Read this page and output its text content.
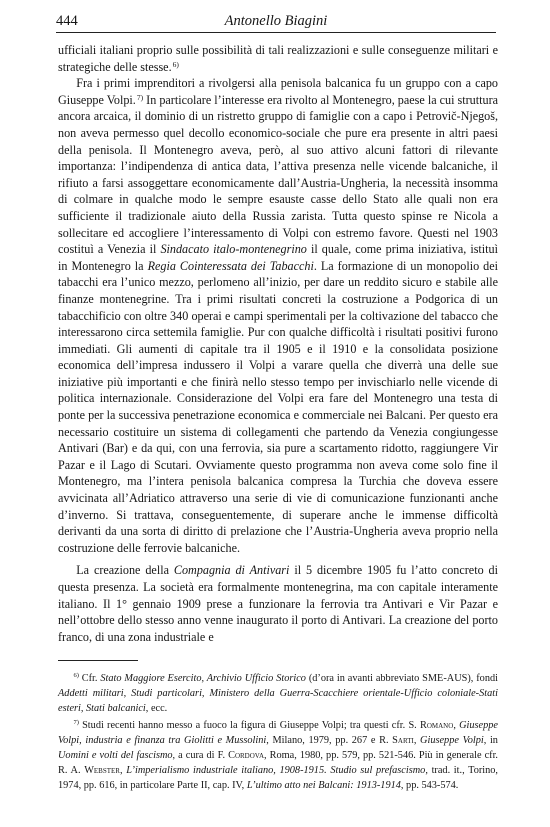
444	Antonello Biagini

ufficiali italiani proprio sulle possibilità di tali realizzazioni e sulle conseguenze militari e strategiche delle stesse. $^{6)}$

Fra i primi imprenditori a rivolgersi alla penisola balcanica fu un gruppo con a capo Giuseppe Volpi. $^{7)}$ In particolare l’interesse era rivolto al Montenegro, paese la cui struttura ancora arcaica, il dominio di un ristretto gruppo di famiglie con a capo i Petrovič-Njegoš, non aveva permesso quel decollo economico-sociale che pure era presente in altri paesi della penisola. Il Montenegro aveva, però, al suo attivo alcuni fattori di rilevante importanza: l’indipendenza di antica data, l’attiva presenza nelle vicende balcaniche, il rifiuto a farsi assoggettare economicamente dall’Austria-Ungheria, la necessità insomma di colmare in qualche modo le sempre esauste casse dello Stato alle quali non era sufficiente il tradizionale aiuto della Russia zarista. Tutta questo spinse re Nicola a sollecitare ed accogliere l’interessamento di Volpi con estremo favore. Questi nel 1903 costituì a Venezia il Sindacato italo-montenegrino il quale, come prima iniziativa, istituì in Montenegro la Regia Cointeressata dei Tabacchi. La formazione di un monopolio dei tabacchi era l’unico mezzo, perlomeno all’inizio, per dare un reddito sicuro e stabile alle finanze montenegrine. Tra i primi risultati concreti la costruzione a Podgorica di un tabacchificio con oltre 340 operai e campi sperimentali per la coltivazione del tabacco che interessarono circa settemila famiglie. Pur con qualche difficoltà i risultati positivi furono immediati. Gli aumenti di capitale tra il 1905 e il 1910 e la consolidata posizione economica dell’impresa indussero il Volpi a varare quella che diverrà una delle sue iniziative più importanti e che finirà nello stesso tempo per invischiarlo nelle vicende di politica internazionale. Considerazione del Volpi era fare del Montenegro una testa di ponte per la successiva penetrazione economica e commerciale nei Balcani. Per questo era necessario costituire un sistema di collegamenti che partendo da Venezia congiungesse Antivari (Bar) e da qui, con una ferrovia, sia pure a scartamento ridotto, raggiungere Vir Pazar e il Lago di Scutari. Ovviamente questo programma non aveva come solo fine il Montenegro, ma l’intera penisola balcanica compresa la Turchia che doveva essere avvicinata all’Adriatico attraverso una serie di vie di comunicazione funzionanti anche d’inverno. Si trattava, conseguentemente, di superare anche le immense difficoltà derivanti da una sorta di diritto di prelazione che l’Austria-Ungheria aveva proprio nella costruzione delle ferrovie balcaniche.

La creazione della Compagnia di Antivari il 5 dicembre 1905 fu l’atto concreto di questa presenza. La società era formalmente montenegrina, ma con capitale interamente italiano. Il 1° gennaio 1909 prese a funzionare la ferrovia tra Antivari e Vir Pazar e nell’ottobre dello stesso anno venne inaugurato il porto di Antivari. La creazione del porto franco, di una zona industriale e

$^{6)}$ Cfr. Stato Maggiore Esercito, Archivio Ufficio Storico (d’ora in avanti abbreviato SME-AUS), fondi Addetti militari, Studi particolari, Ministero della Guerra-Scacchiere orientale-Ufficio coloniale-Stati esteri, Stati balcanici, ecc.

$^{7)}$ Studi recenti hanno messo a fuoco la figura di Giuseppe Volpi; tra questi cfr. S. Romano, Giuseppe Volpi, industria e finanza tra Giolitti e Mussolini, Milano, 1979, pp. 267 e R. Sarti, Giuseppe Volpi, in Uomini e volti del fascismo, a cura di F. Cordova, Roma, 1980, pp. 579, pp. 521-546. Più in generale cfr. R. A. Webster, L’imperialismo industriale italiano, 1908-1915. Studio sul prefascismo, trad. it., Torino, 1974, pp. 616, in particolare Parte II, cap. IV, L’ultimo atto nei Balcani: 1913-1914, pp. 543-574.
